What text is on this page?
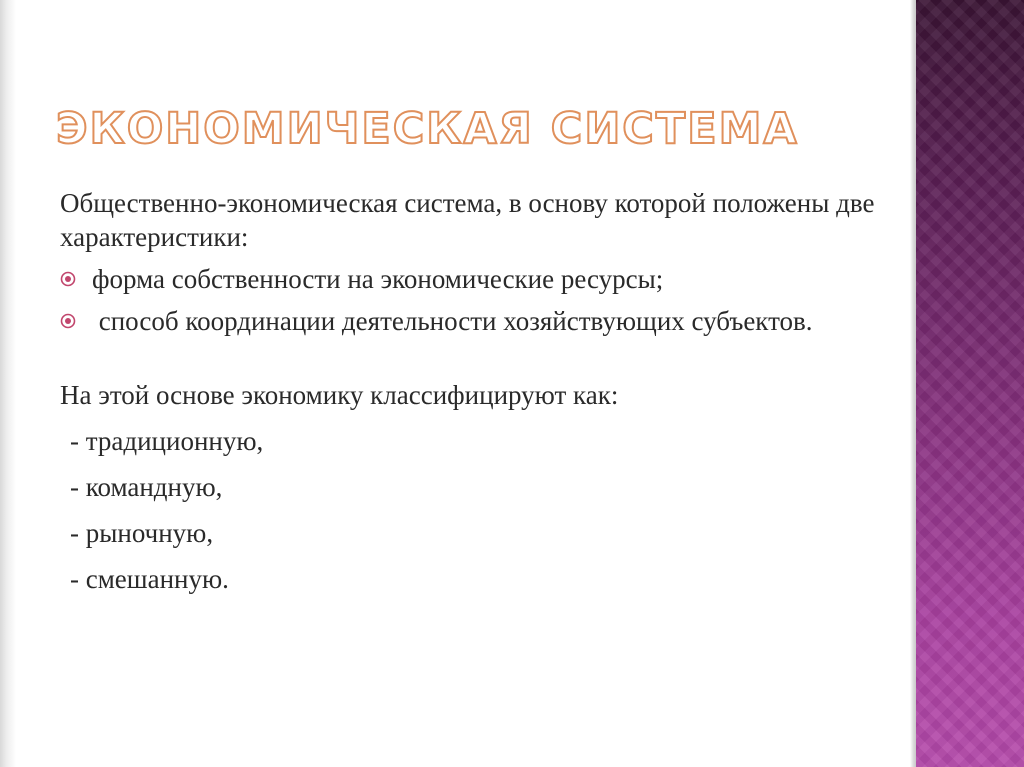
ЭКОНОМИЧЕСКАЯ СИСТЕМА

Общественно-экономическая система, в основу которой положены две характеристики:

форма собственности на экономические ресурсы;

способ координации деятельности хозяйствующих субъектов.

На этой основе экономику классифицируют как:

- традиционную,

- командную,

- рыночную,

- смешанную.
